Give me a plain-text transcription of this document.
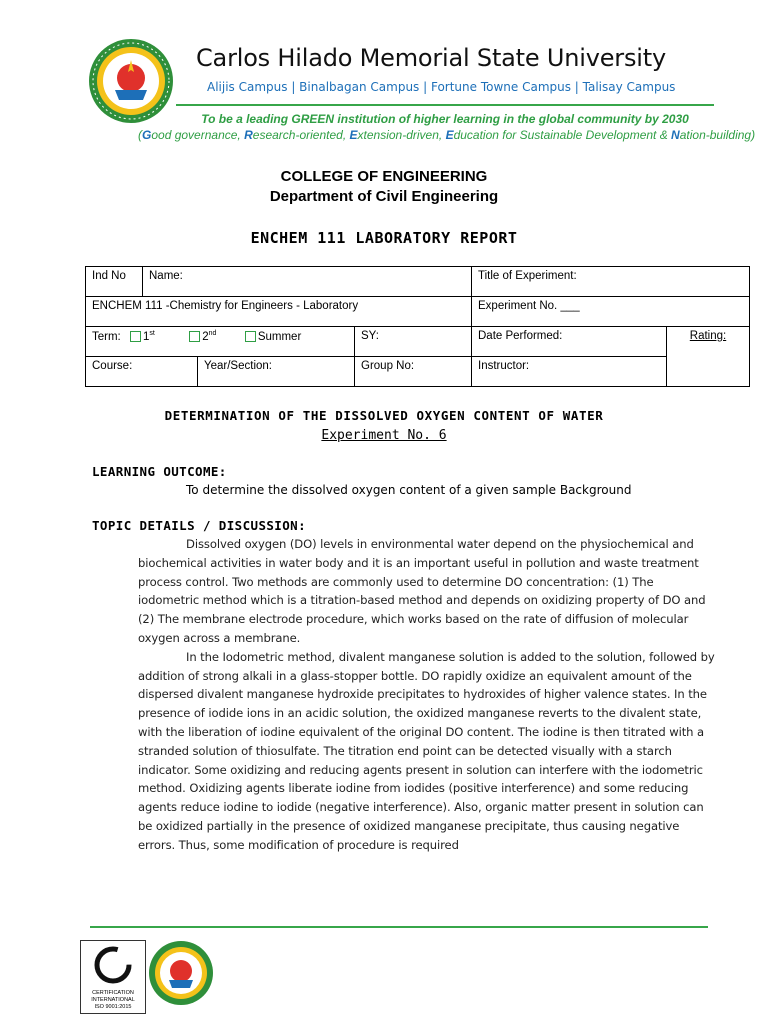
Carlos Hilado Memorial State University
Alijis Campus | Binalbagan Campus | Fortune Towne Campus | Talisay Campus
To be a leading GREEN institution of higher learning in the global community by 2030
(Good governance, Research-oriented, Extension-driven, Education for Sustainable Development & Nation-building)
COLLEGE OF ENGINEERING
Department of Civil Engineering
ENCHEM 111 LABORATORY REPORT
Ind No	Name:			Title of Experiment:	
ENCHEM 111 -Chemistry for Engineers - Laboratory				Experiment No. ___	
Term: 1st 2nd Summer			SY:	Date Performed:	Rating:
Course:		Year/Section:	Group No:	Instructor:	
DETERMINATION OF THE DISSOLVED OXYGEN CONTENT OF WATER
Experiment No. 6
LEARNING OUTCOME:
To determine the dissolved oxygen content of a given sample Background
TOPIC DETAILS / DISCUSSION:

Dissolved oxygen (DO) levels in environmental water depend on the physiochemical and biochemical activities in water body and it is an important useful in pollution and waste treatment process control. Two methods are commonly used to determine DO concentration: (1) The iodometric method which is a titration-based method and depends on oxidizing property of DO and (2) The membrane electrode procedure, which works based on the rate of diffusion of molecular oxygen across a membrane.

In the Iodometric method, divalent manganese solution is added to the solution, followed by addition of strong alkali in a glass-stopper bottle. DO rapidly oxidize an equivalent amount of the dispersed divalent manganese hydroxide precipitates to hydroxides of higher valence states. In the presence of iodide ions in an acidic solution, the oxidized manganese reverts to the divalent state, with the liberation of iodine equivalent of the original DO content. The iodine is then titrated with a stranded solution of thiosulfate. The titration end point can be detected visually with a starch indicator. Some oxidizing and reducing agents present in solution can interfere with the iodometric method. Oxidizing agents liberate iodine from iodides (positive interference) and some reducing agents reduce iodine to iodide (negative interference). Also, organic matter present in solution can be oxidized partially in the presence of oxidized manganese precipitate, thus causing negative errors. Thus, some modification of procedure is required

CERTIFICATION
INTERNATIONAL
ISO 9001:2015
